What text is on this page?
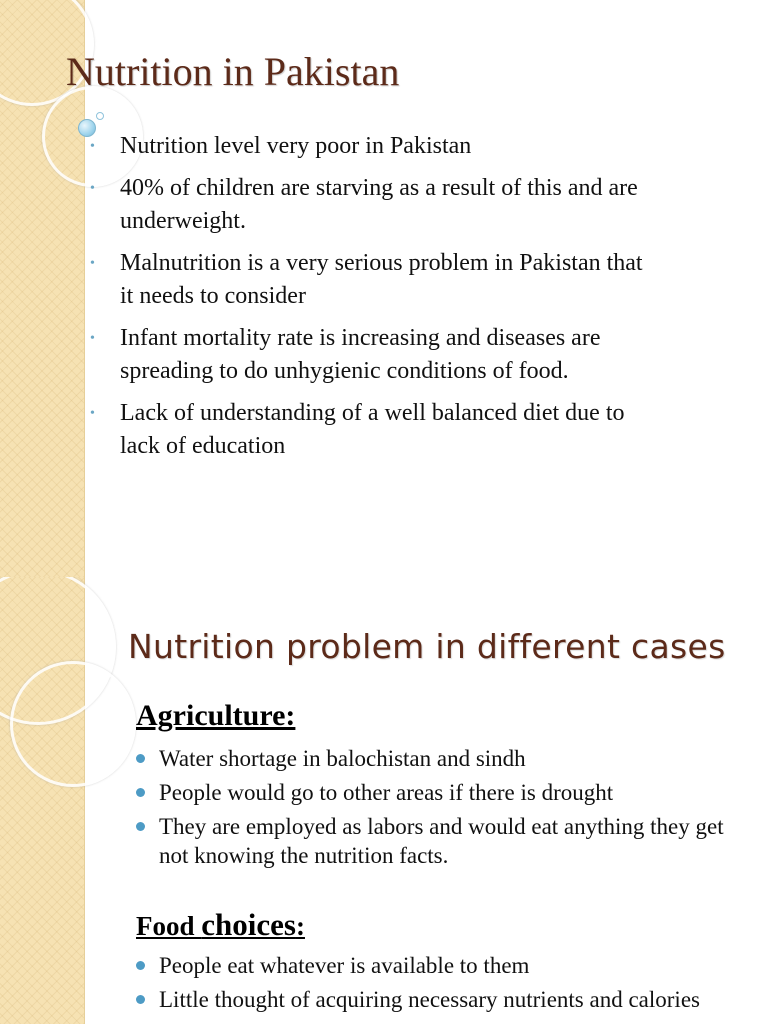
Nutrition in Pakistan
•	Nutrition level very poor in Pakistan
•	40% of children are starving as a result of this and are underweight.
•	Malnutrition is a very serious problem in Pakistan that it needs to consider
•	Infant mortality rate is increasing and diseases are spreading to do unhygienic conditions of food.
•	Lack of understanding of a well balanced diet due to lack of education
Nutrition problem in different cases
Agriculture:
Water shortage in balochistan and sindh
People would go to other areas if there is drought
They are employed as labors and would eat anything they get not knowing the nutrition facts.
Food choices:
People eat whatever is available to them
Little thought of acquiring necessary nutrients and calories
